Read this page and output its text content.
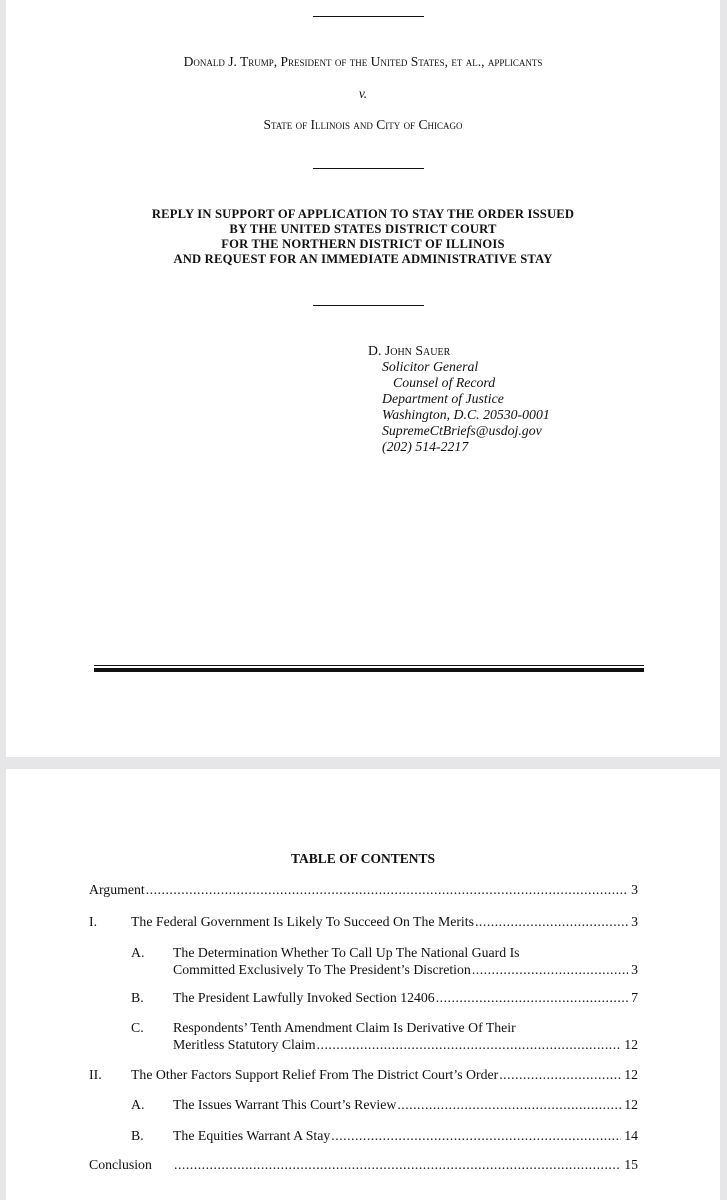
Donald J. Trump, President of the United States, et al., applicants
v.
State of Illinois and City of Chicago
REPLY IN SUPPORT OF APPLICATION TO STAY THE ORDER ISSUED
BY THE UNITED STATES DISTRICT COURT
FOR THE NORTHERN DISTRICT OF ILLINOIS
AND REQUEST FOR AN IMMEDIATE ADMINISTRATIVE STAY
D. John Sauer
Solicitor General
Counsel of Record
Department of Justice
Washington, D.C. 20530-0001
SupremeCtBriefs@usdoj.gov
(202) 514-2217
TABLE OF CONTENTS
Argument .....	3
I. The Federal Government Is Likely To Succeed On The Merits .....	3
A. The Determination Whether To Call Up The National Guard Is
Committed Exclusively To The President’s Discretion .....	3
B. The President Lawfully Invoked Section 12406 .....	7
C. Respondents’ Tenth Amendment Claim Is Derivative Of Their
Meritless Statutory Claim .....	12
II. The Other Factors Support Relief From The District Court’s Order .....	12
A. The Issues Warrant This Court’s Review .....	12
B. The Equities Warrant A Stay .....	14
Conclusion .....	15
